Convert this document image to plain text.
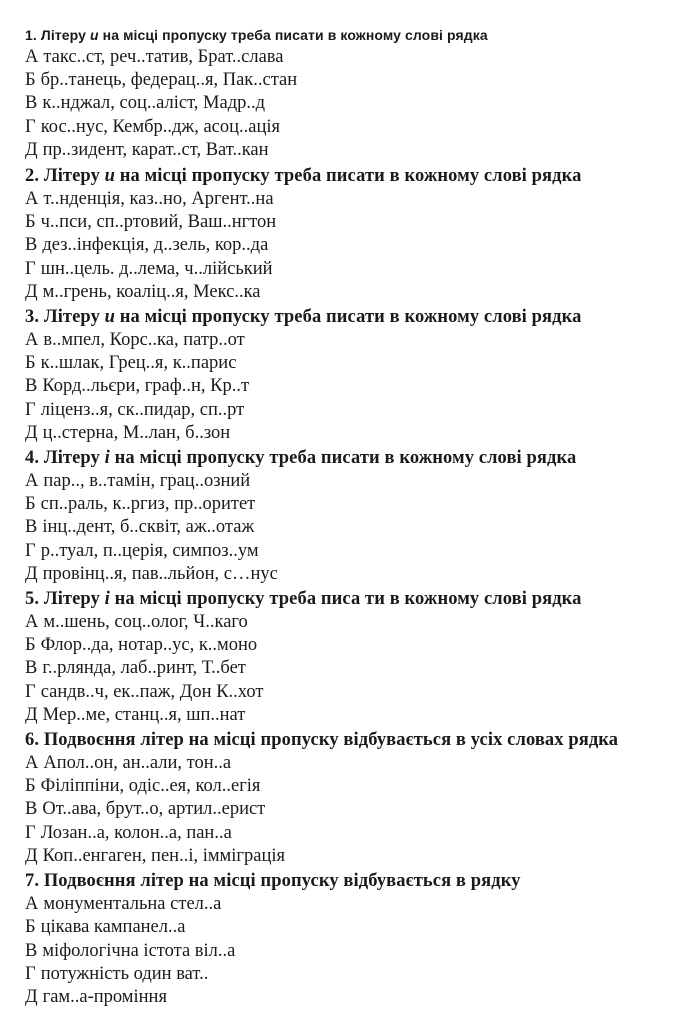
1. Літеру и на місці пропуску треба писати в кожному слові рядка
А такс..ст, реч..татив, Брат..слава
Б бр..танець, федерац..я, Пак..стан
В к..нджал, соц..аліст, Мадр..д
Г кос..нус, Кембр..дж, асоц..ація
Д пр..зидент, карат..ст, Ват..кан
2. Літеру и на місці пропуску треба писати в кожному слові рядка
А т..нденція, каз..но, Аргент..на
Б ч..пси, сп..ртовий, Ваш..нгтон
В дез..інфекція, д..зель, кор..да
Г шн..цель. д..лема, ч..лійський
Д м..грень, коаліц..я, Мекс..ка
3. Літеру и на місці пропуску треба писати в кожному слові рядка
А в..мпел, Корс..ка, патр..от
Б к..шлак, Грец..я, к..парис
В Корд..льєри, граф..н, Кр..т
Г ліценз..я, ск..пидар, сп..рт
Д ц..стерна, М..лан, б..зон
4. Літеру і на місці пропуску треба писати в кожному слові рядка
А пар.., в..тамін, грац..озний
Б сп..раль, к..ргиз, пр..оритет
В інц..дент, б..сквіт, аж..отаж
Г р..туал, п..церія, симпоз..ум
Д провінц..я, пав..льйон, с…нус
5. Літеру і на місці пропуску треба писа ти в кожному слові рядка
А м..шень, соц..олог, Ч..каго
Б Флор..да, нотар..ус, к..моно
В г..рлянда, лаб..ринт, Т..бет
Г сандв..ч, ек..паж, Дон К..хот
Д Мер..ме, станц..я, шп..нат
6. Подвоєння літер на місці пропуску відбувається в усіх словах рядка
А Апол..он, ан..али, тон..а
Б Філіппіни, одіс..ея, кол..егія
В От..ава, брут..о, артил..ерист
Г Лозан..а, колон..а, пан..а
Д Коп..енгаген, пен..і, імміграція
7. Подвоєння літер на місці пропуску відбувається в рядку
А монументальна стел..а
Б цікава кампанел..а
В міфологічна істота віл..а
Г потужність один ват..
Д гам..а-проміння
